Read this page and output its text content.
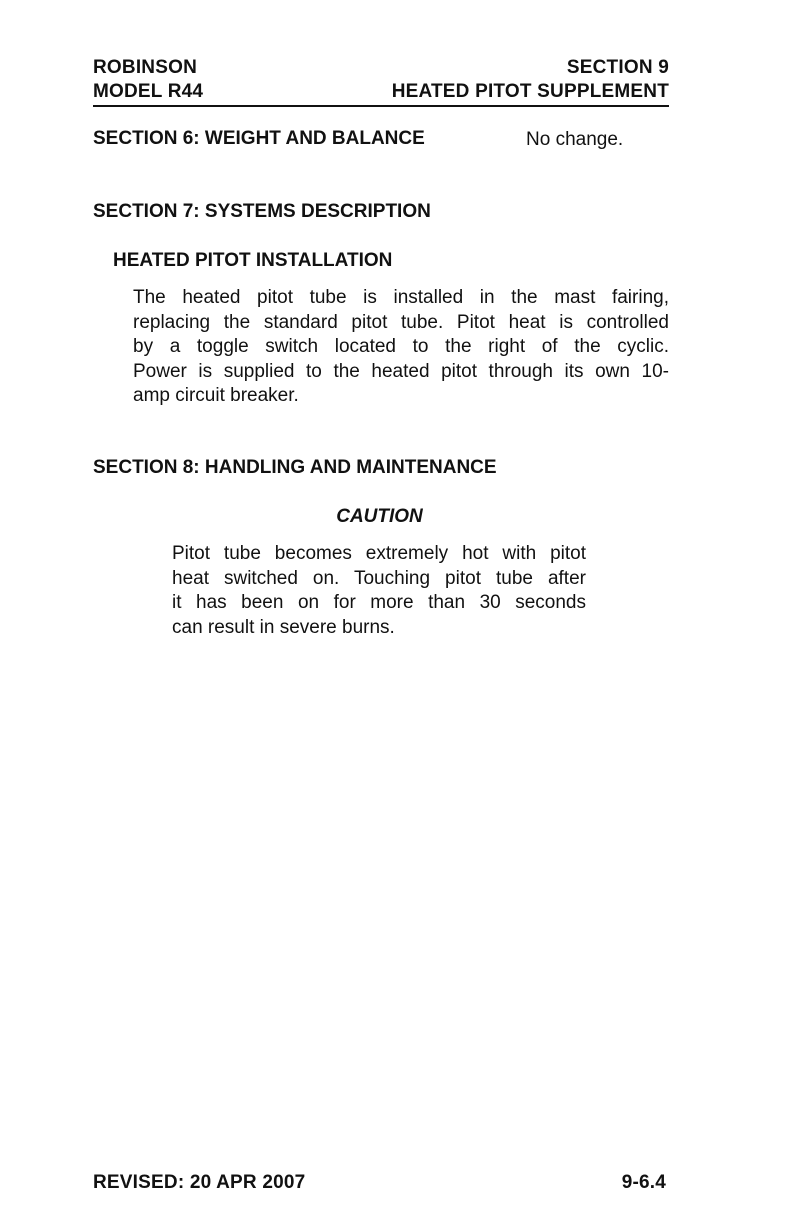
ROBINSON
MODEL R44
SECTION 9
HEATED PITOT SUPPLEMENT
SECTION 6: WEIGHT AND BALANCE	No change.
SECTION 7: SYSTEMS DESCRIPTION
HEATED PITOT INSTALLATION
The heated pitot tube is installed in the mast fairing,
replacing the standard pitot tube. Pitot heat is controlled
by a toggle switch located to the right of the cyclic.
Power is supplied to the heated pitot through its own 10-
amp circuit breaker.
SECTION 8: HANDLING AND MAINTENANCE
CAUTION
Pitot tube becomes extremely hot with pitot
heat switched on. Touching pitot tube after
it has been on for more than 30 seconds
can result in severe burns.
REVISED: 20 APR 2007	9-6.4
